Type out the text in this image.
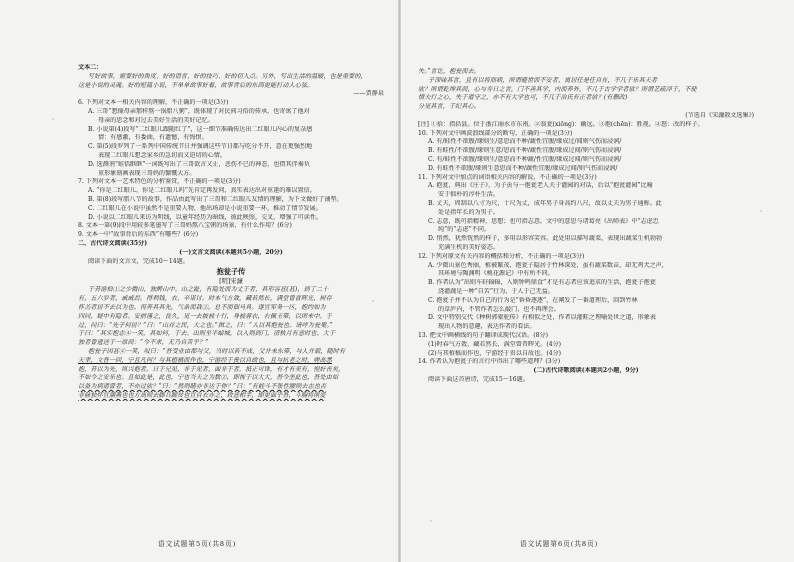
文本二：
写好故事，需要好的角度、好的语言、好的技巧、好的切入点。另外，写出生活的温暖，也是重要的，
这是小说的灵魂。好的短篇小说，不单单故事好看，故事背后的东西更能打动人心弦。
——贾静泉
6. 下列对文本一相关内容的理解，不正确的一项是(3分)
A. 三哥“想像母亲那样熬一锅腊八粥”，既体现了对民间习俗的传承，也寄寓了他对
母亲的思念和对过去美好生活的美好记忆。
B. 小说第(4)段写“二红眼儿跟随红了”，这一细节准确传达出二红眼儿内心的复杂感
情：有感激，有委曲，有遗憾，有悔恨。
C. 第(5)段罗列了一系列中国传统节日并强调这些节日都与吃分不开，意在更强烈地
表现二红眼儿想念家乡的急切而又迫切的心情。
D. 选测剂“蛙恬眶眶”一词既写出了三哥欲言又止，悲伤不已的神态，也借其伴奏负
重形象刻画表现三哥妈的慷慨大方。
7. 下列对文本一艺术特色的分析鉴赏，不正确的一项是(3分)
A. “你是二红眼儿，你是二红眼儿吗”先肯定再发问，真实表达出对重逢的难以置信。
B. 第(8)段写腊八节的故事，作品由此写出了三哥和二红眼儿友情的理解，为下文做好了铺垫。
C. 二红眼儿在小说中虽然不是重要人物，他出场却是小说重要一环，推动了情节发展。
D. 小说以二红眼儿来访为明线，以童年经历为暗线，彼此映照，交叉，增强了可读性。
8. 文本一第(9)段中用较多笔墨写了三哥妈熬八宝粥的场景，有什么作用？(6分)
9. 文本一中“故事背后的东西”有哪些？(6分)
二、古代诗文阅读(35分)
(一)文言文阅读(本题共5小题，20分)
阅读下面的文言文，完成10～14题。
抱瓮子传
[明]宋濂
于昔游拾①之少微山，独醉山中。山之趾，有隐处而为丈于者，其形容甚(甚)，到了二十
有，五六岁者，戚戚焉。得利钱，衣、辛诺讨。时本气方敛，藏若然长，满堂曾晋晖光，树存
怀羔者居不去以为也。再奔其其先，气条而栽②，总不而佃马具。遂宣军务一区，抱约如为
四同，疑中有隐者。安前谨之，良久，见一去披被十行，身被蓉衣，右佩玉带，以所未中。于
过，问曰：“先子何居？”曰：“山谷之民，大之也。”揖之，曰：“人以其抱瓮也。请呼为瓮叟。”
于曰：“其实抱志④一笑，其如何，于去。出则至半蛤城，以入则到门，清秋月有意时也。大于
独者曾遗送于一席间：“今不求，无乃自苦乎？”
抱瓮子因甚④一笑，叹曰：“吾受业由都与父，当时以若不成，父并未东带，与人并载，随时有
天幸，文吾一回，宁且凡何？与其植槁而作也，宁游经于贵以自故也，且与抗老之时，嗟高悉
抱，昔以为先，纵兴抱者，日于兄见，非于见者，面非于者，抵正可诛，有才有美有，悦好丧矣，
不如今之安乐也。且如此是，此也，宁也当天之为数②，即视于以大大，吾今坐此也，吾处由如
以备为病道曾者，不亦过欤？”曰：“然则睹亦非达于你？”曰：“有蛙斗不张性腰则去志也否
非脉独怀宣潮燕也也方高则去脚兵脚贫也宣自衣亦之，致意相手，即更面乎吾，斗胸将所爱
语文试题第5页(共8页)
失。”言讫，抱瓮而去。
子深味其言，且有以将而病，所谓避世而不安者，寓居任是任自在，不几于乐其天者
欤？所谓乾坤其间，心与寿日之言，门不善其学，内而养外，不几于古学学者欤？所谓艺疏浮于，不使
情夫行之心，失于道守之，亦不有大学也可，不几于治氏有正者欤？(有删改)
分见其言，于纪其心。
(节选自《宋濂散文选集》)
[注] ①拾：指括县。位于浙江丽水市东南。②翁瓮(xiōng)：幽远。③抱(chēn)：胜视。④怒：改的样子。
10. 下列对文中画波浪线部分的断句，正确的一项是(3分)
A. 有/蛙性不欲腹/缘则生/意思而不种/蔬性宜腹/缘成过/闻则气伤而浸润/
B. 有蛙性/不欲腹/缘则生意/思而不种/蔬性宜腹/缘成过闻/则气伤而浸润/
C. 有/蛙性不欲腹/缘则生/意思而不种蔬/性宜腹/缘成过闻/则气伤而浸润/
D. 有蛙性不欲腹/缘则生意思而不种/蔬性宜腹/缘成过闻/则气伤而浸润/
11. 下列对文中加点的词语相关内容的解说，不正确的一项是(3分)
A. 抱瓮，典出《庄子》，为子贡与一抱瓮老人关于灌园的对话，后以“抱瓮灌园”比喻
安于拙朴的淳朴生活。
B. 丈夫，周制以八寸为尺，十尺为丈，成年男子身高约八尺，故以丈夫为男子通称。此
处是指年长的为男子。
C. 志意，既可指精神，思想；也可指志意。文中的意思与诸葛亮《出师表》中“志虑忠
纯”的“志虑”不同。
D. 悄然，犹然恍然的样子，多用以形容笑容。此处用以描写蔬菜，表现出蔬菜生机勃勃
充满生机的美好姿态。
12. 下列对原文有关内容的概括和分析，不正确的一项是(3分)
A. 少微山景色秀丽，植被繁茂，抱瓮子隐居于竹林深处，虽有蔬菜数亩，却无鸡犬之声，
其环境与陶渊明《桃花源记》中有所不同。
B. 作者认为“出则车轩辐辐，入则钟鸣鼎食”才是有志者应该追求的生活，抱瓮子抱瓮
浇灌蔬是一种“自苦”行为，于人于己无益。
C. 抱瓮子并不认为自己的行为是“昏昏逐逐”，在阐发了一番道理后，回到竹林
的草庐内，不管作者怎么敲门，也不再理会。
D. 文中特别交代《种树郭橐驼传》有相似之处，作者以灌畦之理喻处世之道，形象表
现出人物的意趣，表达作者的看法。
13. 把文中画横线的句子翻译成现代汉语。(8分)
(1)时春气方敛，藏若然长，满堂曾晋晖光。(4分)
(2)与其植槁而作也，宁游经于贵以自故也。(4分)
14. 作者认为抱瓮子的言行中得出了哪些道理？(3分)
(二)古代诗歌阅读(本题共2小题，9分)
阅读下面这首唐诗，完成15～16题。
语文试题第6页(共8页)
